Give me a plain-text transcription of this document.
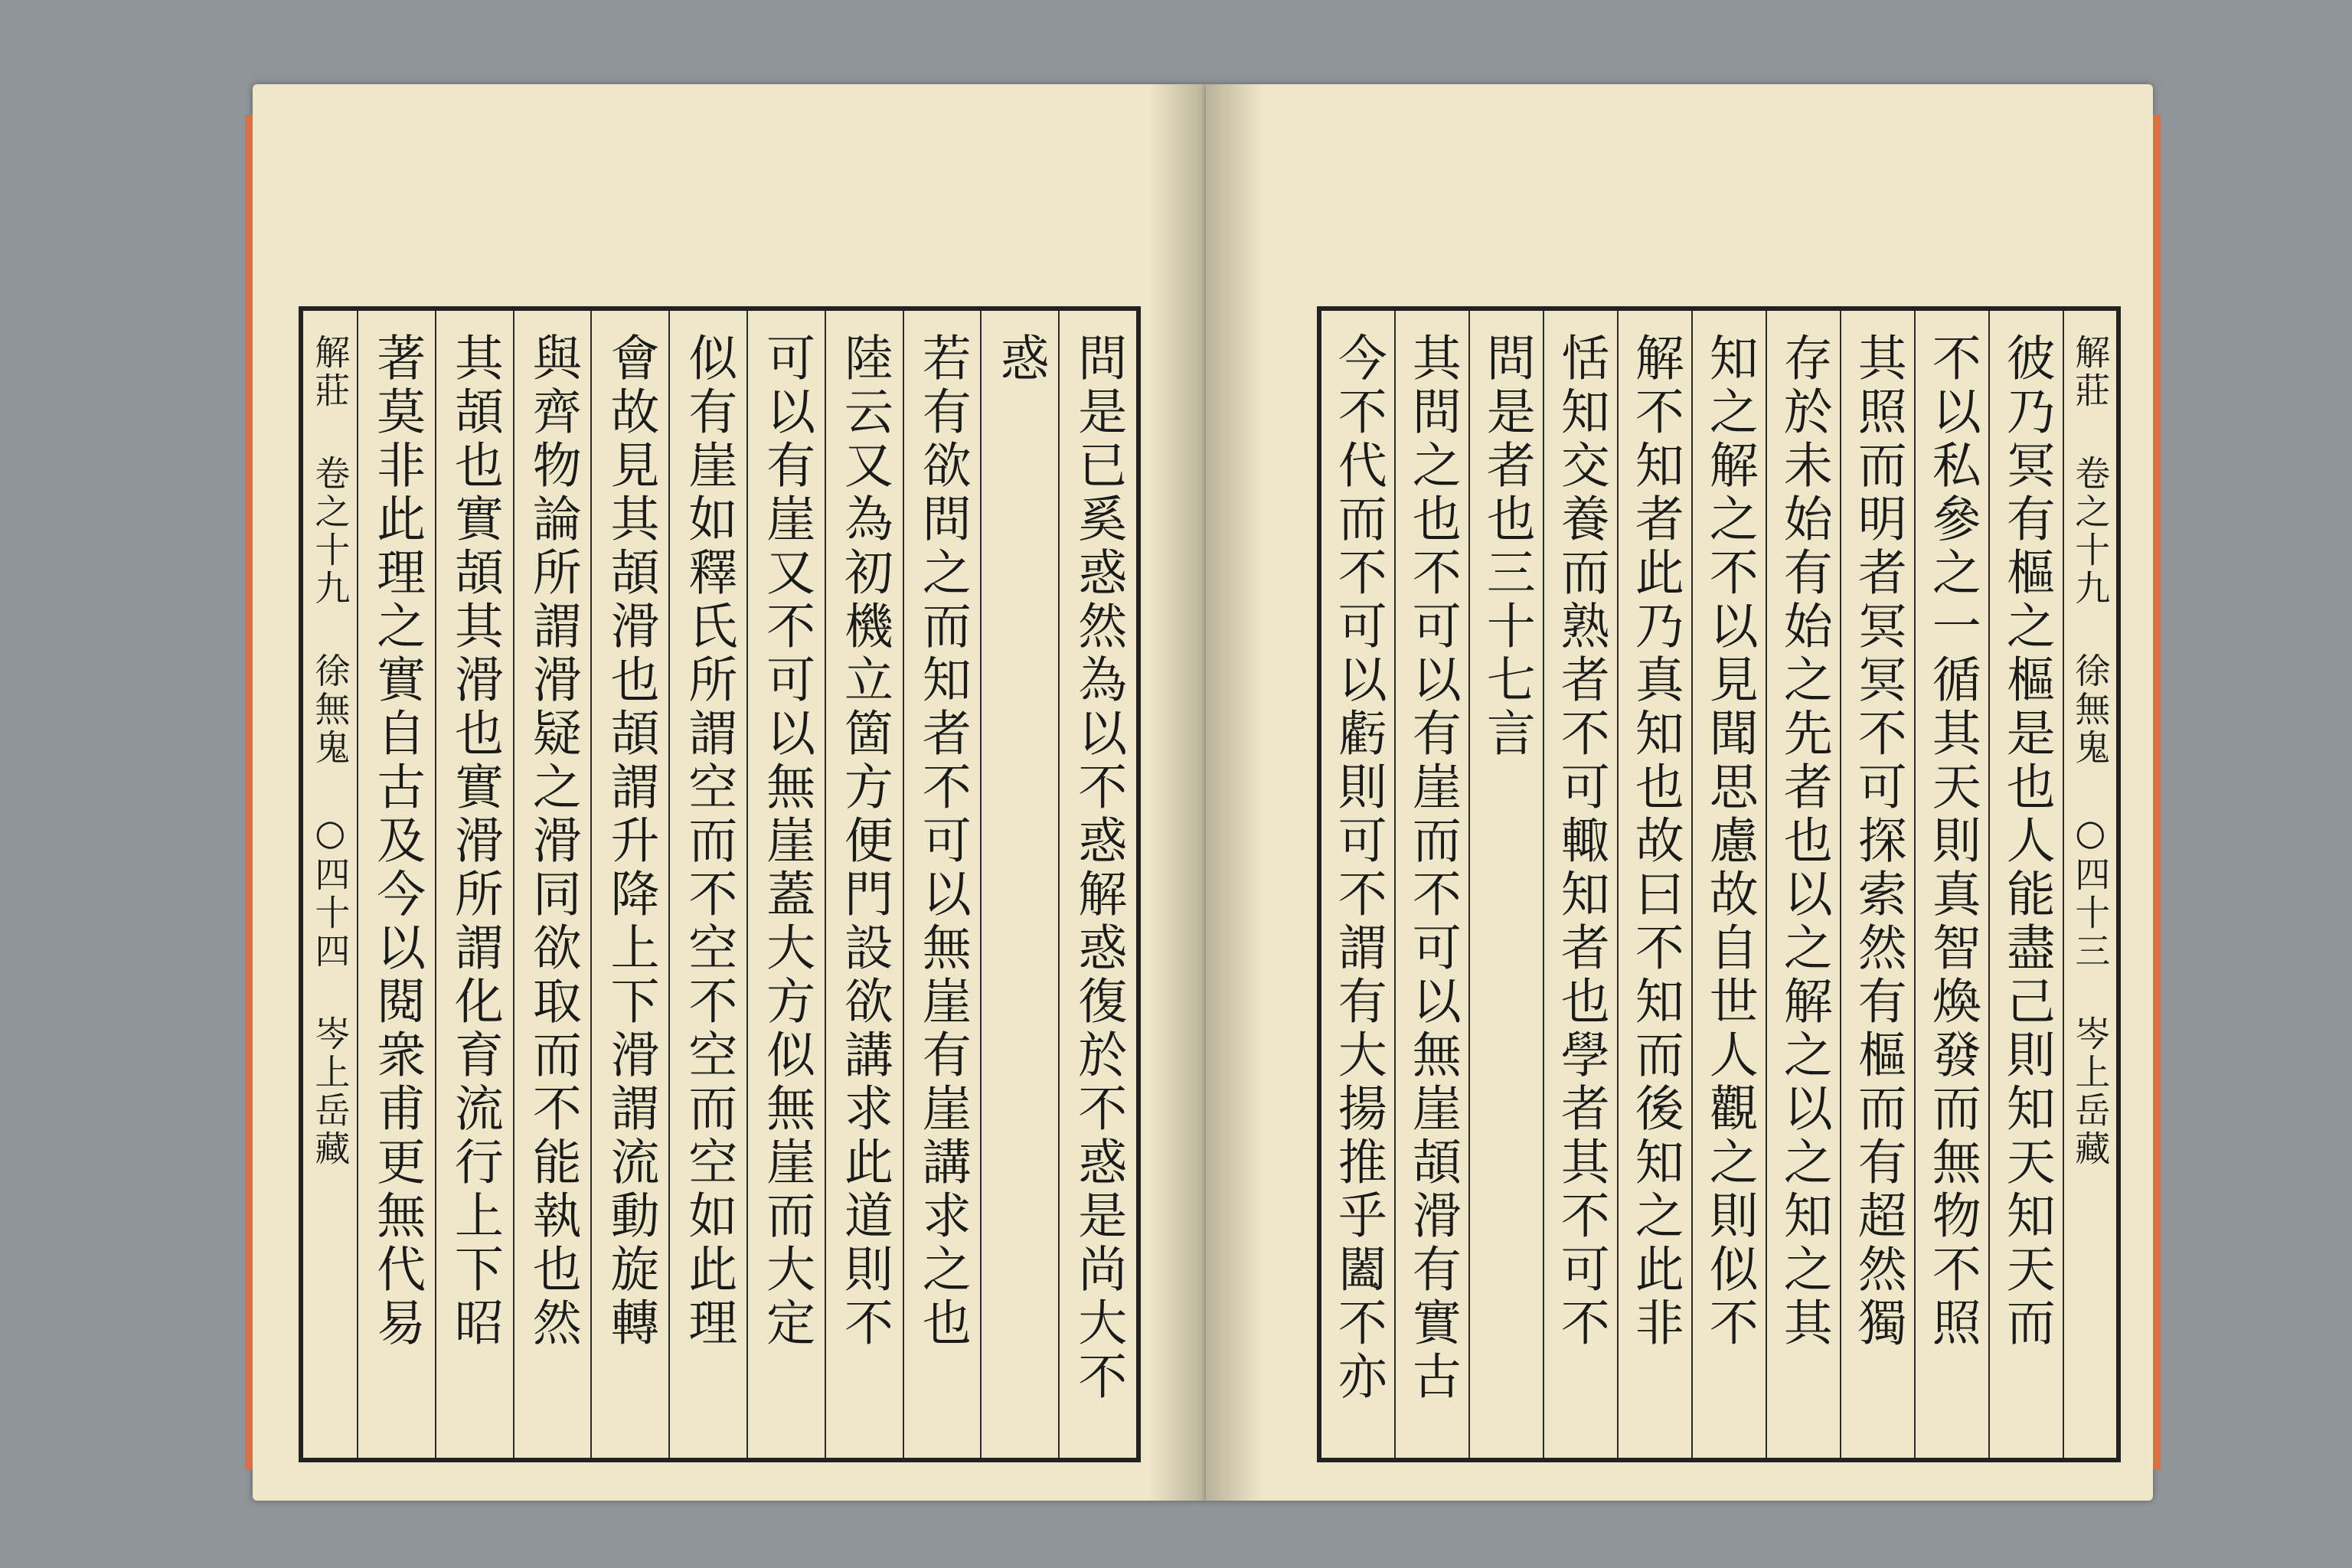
問是已奚惑然為以不惑解惑復於不惑是尚大不
惑
若有欲問之而知者不可以無崖有崖講求之也
陸云又為初機立箇方便門設欲講求此道則不
可以有崖又不可以無崖蓋大方似無崖而大定
似有崖如釋氏所謂空而不空不空而空如此理
會故見其頡滑也頡謂升降上下滑謂流動旋轉
與齊物論所謂滑疑之滑同欲取而不能執也然
其頡也實頡其滑也實滑所謂化育流行上下昭
著莫非此理之實自古及今以閱衆甫更無代易
解莊 卷之十九 徐無鬼 ○四十四 岑上岳藏	解莊 卷之十九 徐無鬼 ○四十三 岑上岳藏
彼乃冥有樞之樞是也人能盡己則知天知天而
不以私參之一循其天則真智煥發而無物不照
其照而明者冥冥不可探索然有樞而有超然獨
存於未始有始之先者也以之解之以之知之其
知之解之不以見聞思慮故自世人觀之則似不
解不知者此乃真知也故曰不知而後知之此非
恬知交養而熟者不可輙知者也學者其不可不
問是者也三十七言
其問之也不可以有崖而不可以無崖頡滑有實古
今不代而不可以虧則可不謂有大揚推乎闔不亦
